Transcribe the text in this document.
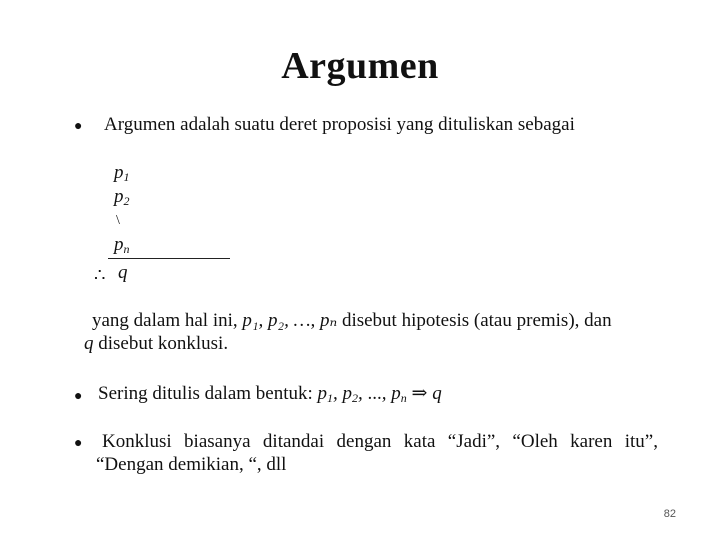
Argumen
● Argumen adalah suatu deret proposisi yang dituliskan sebagai
$p_1$
$p_2$
\
$p_n$
∴ q
yang dalam hal ini, p₁, p₂, …, pₙ disebut hipotesis (atau premis), dan
q disebut konklusi.
● Sering ditulis dalam bentuk: $p_1$, $p_2$, ..., $p_n$ ⇒ q
● Konklusi biasanya ditandai dengan kata “Jadi”, “Oleh karen itu”,
“Dengan demikian, “, dll
82
